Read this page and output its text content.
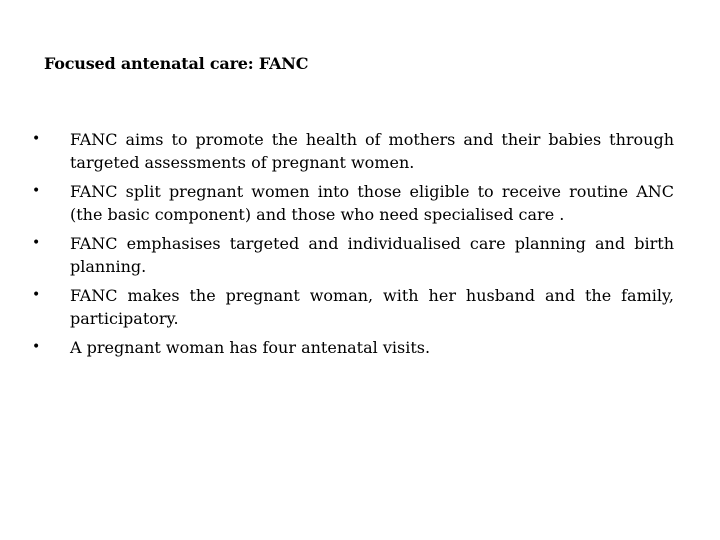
Focused antenatal care: FANC
•	FANC aims to promote the health of mothers and their babies through targeted assessments of pregnant women.
•	FANC split pregnant women into those eligible to receive routine ANC (the basic component) and those who need specialised care .
•	FANC emphasises targeted and individualised care planning and birth planning.
•	FANC makes the pregnant woman, with her husband and the family, participatory.
•	A pregnant woman has four antenatal visits.
